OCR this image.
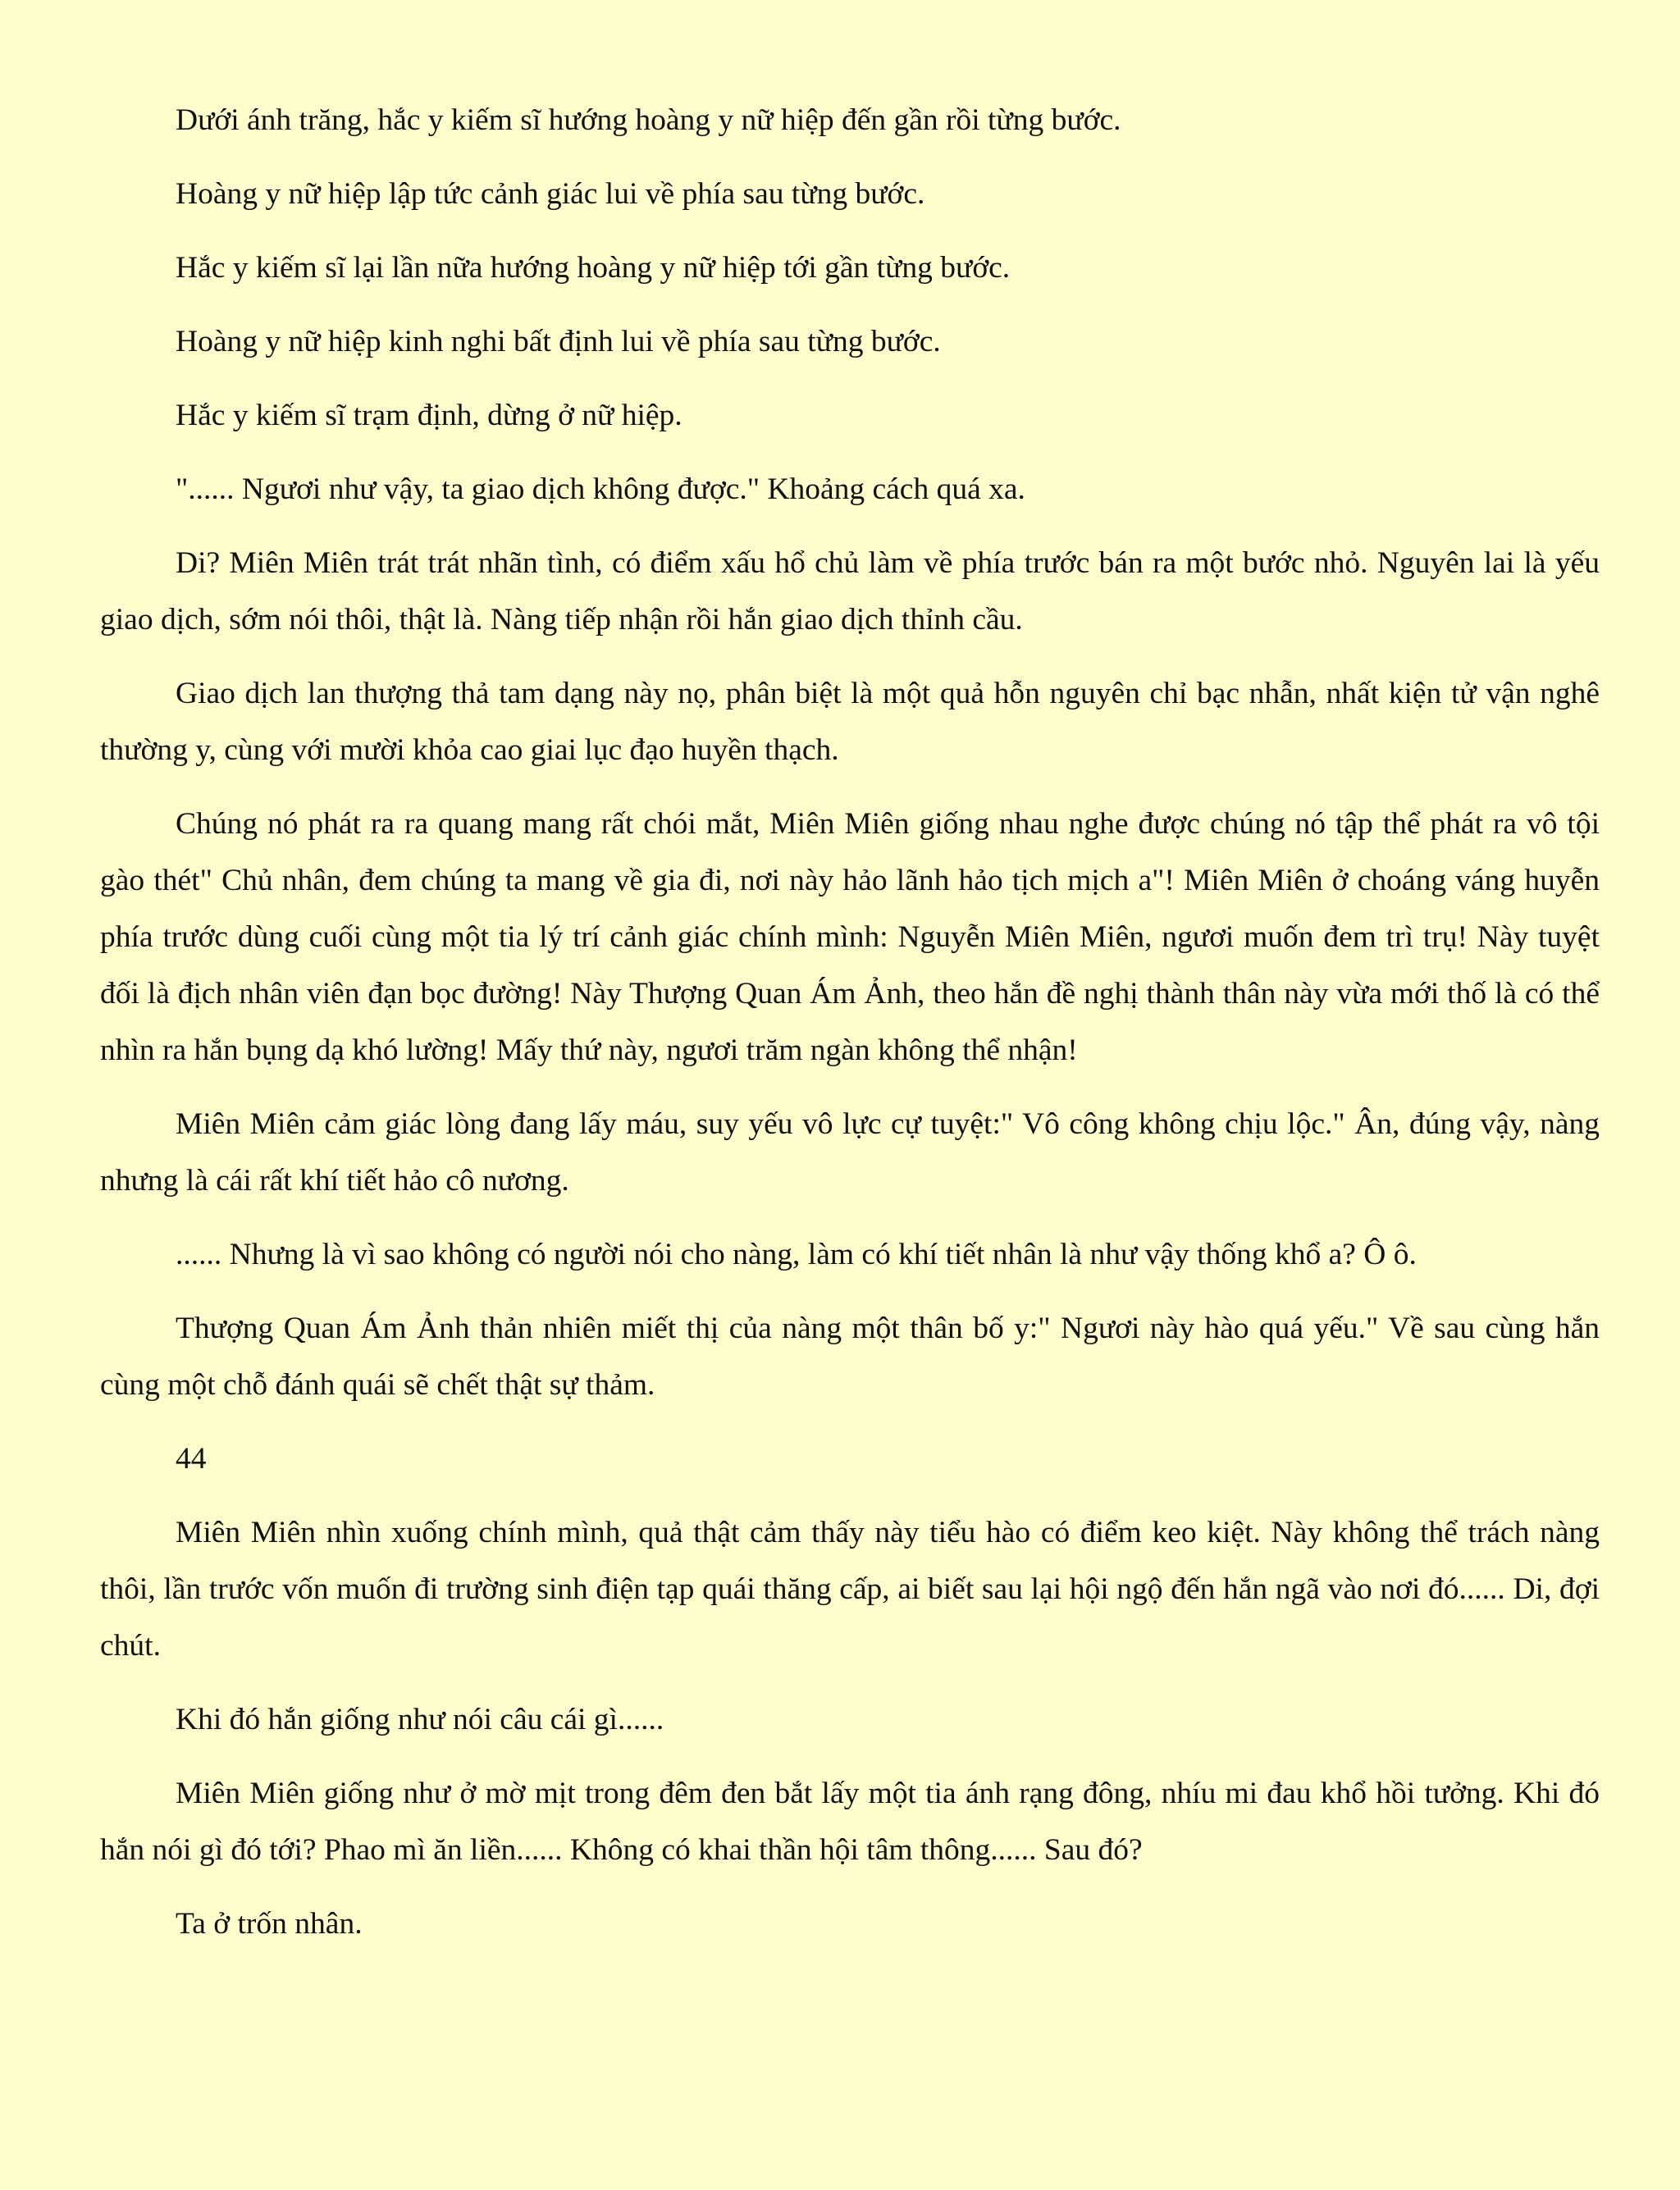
Dưới ánh trăng, hắc y kiếm sĩ hướng hoàng y nữ hiệp đến gần rồi từng bước.

Hoàng y nữ hiệp lập tức cảnh giác lui về phía sau từng bước.

Hắc y kiếm sĩ lại lần nữa hướng hoàng y nữ hiệp tới gần từng bước.

Hoàng y nữ hiệp kinh nghi bất định lui về phía sau từng bước.

Hắc y kiếm sĩ trạm định, dừng ở nữ hiệp.

"...... Ngươi như vậy, ta giao dịch không được." Khoảng cách quá xa.

Di? Miên Miên trát trát nhãn tình, có điểm xấu hổ chủ làm về phía trước bán ra một bước nhỏ. Nguyên lai là yếu giao dịch, sớm nói thôi, thật là. Nàng tiếp nhận rồi hắn giao dịch thỉnh cầu.

Giao dịch lan thượng thả tam dạng này nọ, phân biệt là một quả hỗn nguyên chỉ bạc nhẫn, nhất kiện tử vận nghê thường y, cùng với mười khỏa cao giai lục đạo huyền thạch.

Chúng nó phát ra ra quang mang rất chói mắt, Miên Miên giống nhau nghe được chúng nó tập thể phát ra vô tội gào thét" Chủ nhân, đem chúng ta mang về gia đi, nơi này hảo lãnh hảo tịch mịch a"! Miên Miên ở choáng váng huyễn phía trước dùng cuối cùng một tia lý trí cảnh giác chính mình: Nguyễn Miên Miên, ngươi muốn đem trì trụ! Này tuyệt đối là địch nhân viên đạn bọc đường! Này Thượng Quan Ám Ảnh, theo hắn đề nghị thành thân này vừa mới thố là có thể nhìn ra hắn bụng dạ khó lường! Mấy thứ này, ngươi trăm ngàn không thể nhận!

Miên Miên cảm giác lòng đang lấy máu, suy yếu vô lực cự tuyệt:" Vô công không chịu lộc." Ân, đúng vậy, nàng nhưng là cái rất khí tiết hảo cô nương.

...... Nhưng là vì sao không có người nói cho nàng, làm có khí tiết nhân là như vậy thống khổ a? Ô ô.

Thượng Quan Ám Ảnh thản nhiên miết thị của nàng một thân bố y:" Ngươi này hào quá yếu." Về sau cùng hắn cùng một chỗ đánh quái sẽ chết thật sự thảm.

44

Miên Miên nhìn xuống chính mình, quả thật cảm thấy này tiểu hào có điểm keo kiệt. Này không thể trách nàng thôi, lần trước vốn muốn đi trường sinh điện tạp quái thăng cấp, ai biết sau lại hội ngộ đến hắn ngã vào nơi đó...... Di, đợi chút.

Khi đó hắn giống như nói câu cái gì......

Miên Miên giống như ở mờ mịt trong đêm đen bắt lấy một tia ánh rạng đông, nhíu mi đau khổ hồi tưởng. Khi đó hắn nói gì đó tới? Phao mì ăn liền...... Không có khai thần hội tâm thông...... Sau đó?

Ta ở trốn nhân.
